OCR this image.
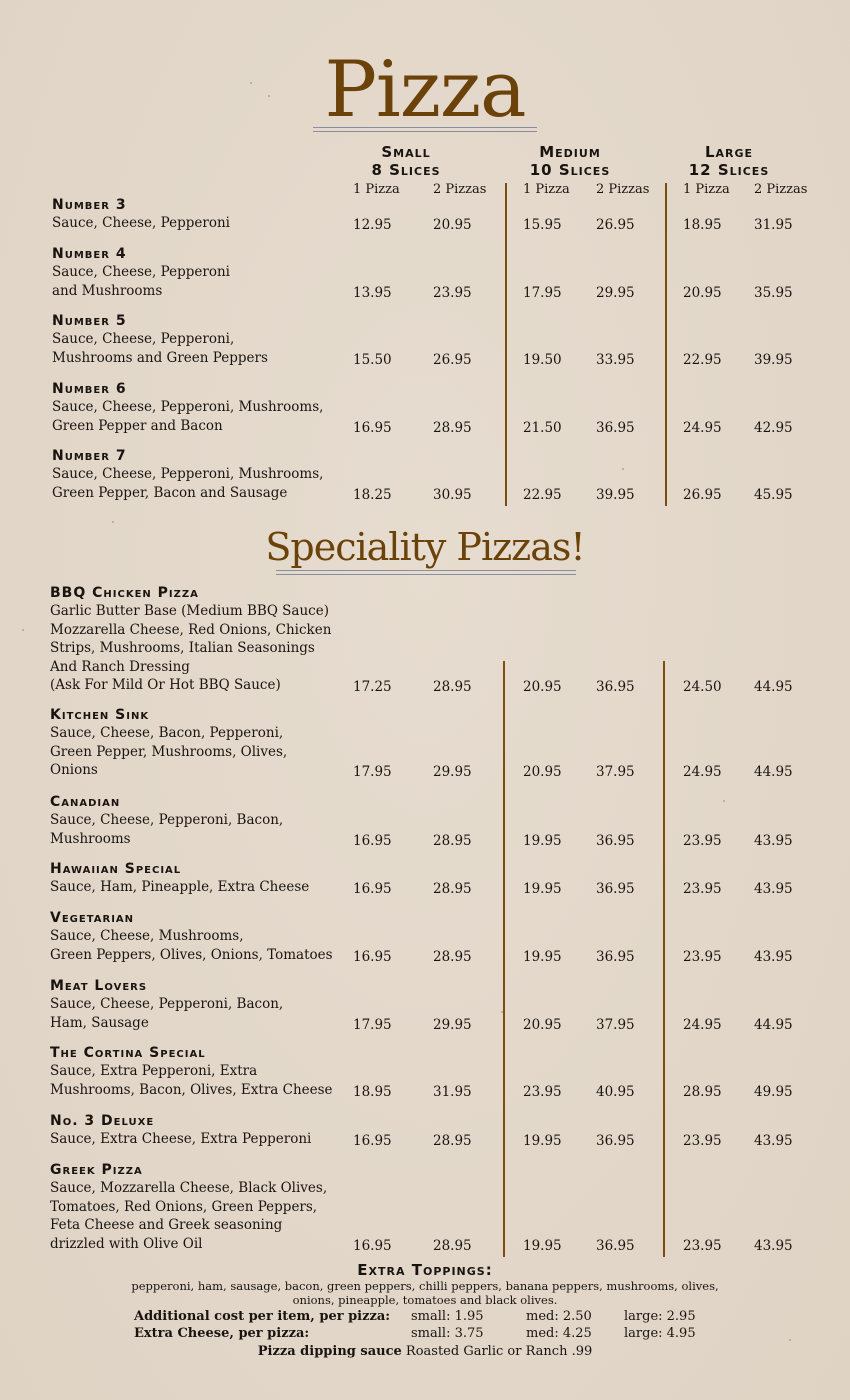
Pizza
Small
8 Slices
Medium
10 Slices
Large
12 Slices
1 Pizza	2 Pizzas	1 Pizza 2 Pizzas	1 Pizza 2 Pizzas
Number 3
Sauce, Cheese, Pepperoni	12.95	20.95	15.95	26.95	18.95 31.95
Number 4
Sauce, Cheese, Pepperoni
and Mushrooms	13.95	23.95	17.95	29.95	20.95 35.95
Number 5
Sauce, Cheese, Pepperoni,
Mushrooms and Green Peppers	15.50	26.95	19.50	33.95	22.95 39.95
Number 6
Sauce, Cheese, Pepperoni, Mushrooms,
Green Pepper and Bacon	16.95	28.95	21.50	36.95	24.95 42.95
Number 7
Sauce, Cheese, Pepperoni, Mushrooms,
Green Pepper, Bacon and Sausage	18.25	30.95	22.95	39.95	26.95 45.95
Speciality Pizzas!
BBQ Chicken Pizza
Garlic Butter Base (Medium BBQ Sauce)
Mozzarella Cheese, Red Onions, Chicken
Strips, Mushrooms, Italian Seasonings
And Ranch Dressing
(Ask For Mild Or Hot BBQ Sauce)	17.25	28.95	20.95	36.95	24.50 44.95
Kitchen Sink
Sauce, Cheese, Bacon, Pepperoni,
Green Pepper, Mushrooms, Olives,
Onions	17.95	29.95	20.95	37.95	24.95 44.95
Canadian
Sauce, Cheese, Pepperoni, Bacon,
Mushrooms	16.95	28.95	19.95	36.95	23.95 43.95
Hawaiian Special
Sauce, Ham, Pineapple, Extra Cheese	16.95	28.95	19.95	36.95	23.95 43.95
Vegetarian
Sauce, Cheese, Mushrooms,
Green Peppers, Olives, Onions, Tomatoes	16.95	28.95	19.95	36.95	23.95 43.95
Meat Lovers
Sauce, Cheese, Pepperoni, Bacon,
Ham, Sausage	17.95	29.95	20.95	37.95	24.95 44.95
The Cortina Special
Sauce, Extra Pepperoni, Extra
Mushrooms, Bacon, Olives, Extra Cheese	18.95	31.95	23.95	40.95	28.95 49.95
No. 3 Deluxe
Sauce, Extra Cheese, Extra Pepperoni	16.95	28.95	19.95	36.95	23.95 43.95
Greek Pizza
Sauce, Mozzarella Cheese, Black Olives,
Tomatoes, Red Onions, Green Peppers,
Feta Cheese and Greek seasoning
drizzled with Olive Oil	16.95	28.95	19.95	36.95	23.95 43.95
Extra Toppings:
pepperoni, ham, sausage, bacon, green peppers, chilli peppers, banana peppers, mushrooms, olives, onions, pineapple, tomatoes and black olives.
Additional cost per item, per pizza: small: 1.95	med: 2.50 large: 2.95
Extra Cheese, per pizza:	small: 3.75	med: 4.25 large: 4.95
Pizza dipping sauce Roasted Garlic or Ranch .99
